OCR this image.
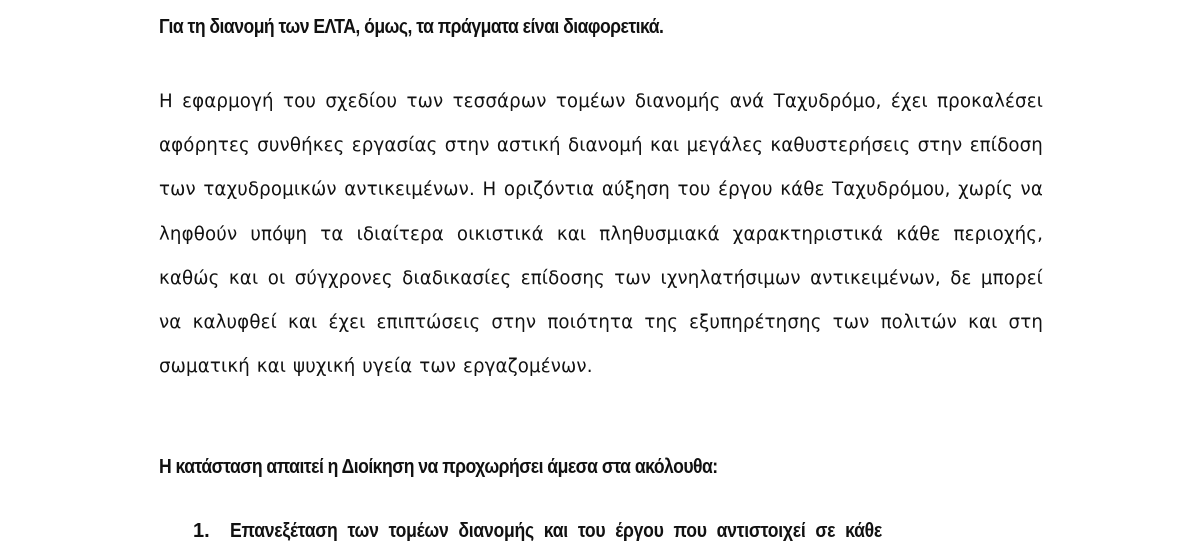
Για τη διανομή των ΕΛΤΑ, όμως, τα πράγματα είναι διαφορετικά.

Η εφαρμογή του σχεδίου των τεσσάρων τομέων διανομής ανά Ταχυδρόμο, έχει προκαλέσει αφόρητες συνθήκες εργασίας στην αστική διανομή και μεγάλες καθυστερήσεις στην επίδοση των ταχυδρομικών αντικειμένων. Η οριζόντια αύξηση του έργου κάθε Ταχυδρόμου, χωρίς να ληφθούν υπόψη τα ιδιαίτερα οικιστικά και πληθυσμιακά χαρακτηριστικά κάθε περιοχής, καθώς και οι σύγχρονες διαδικασίες επίδοσης των ιχνηλατήσιμων αντικειμένων, δε μπορεί να καλυφθεί και έχει επιπτώσεις στην ποιότητα της εξυπηρέτησης των πολιτών και στη σωματική και ψυχική υγεία των εργαζομένων.

Η κατάσταση απαιτεί η Διοίκηση να προχωρήσει άμεσα στα ακόλουθα:
1. Επανεξέταση των τομέων διανομής και του έργου που αντιστοιχεί σε κάθε
